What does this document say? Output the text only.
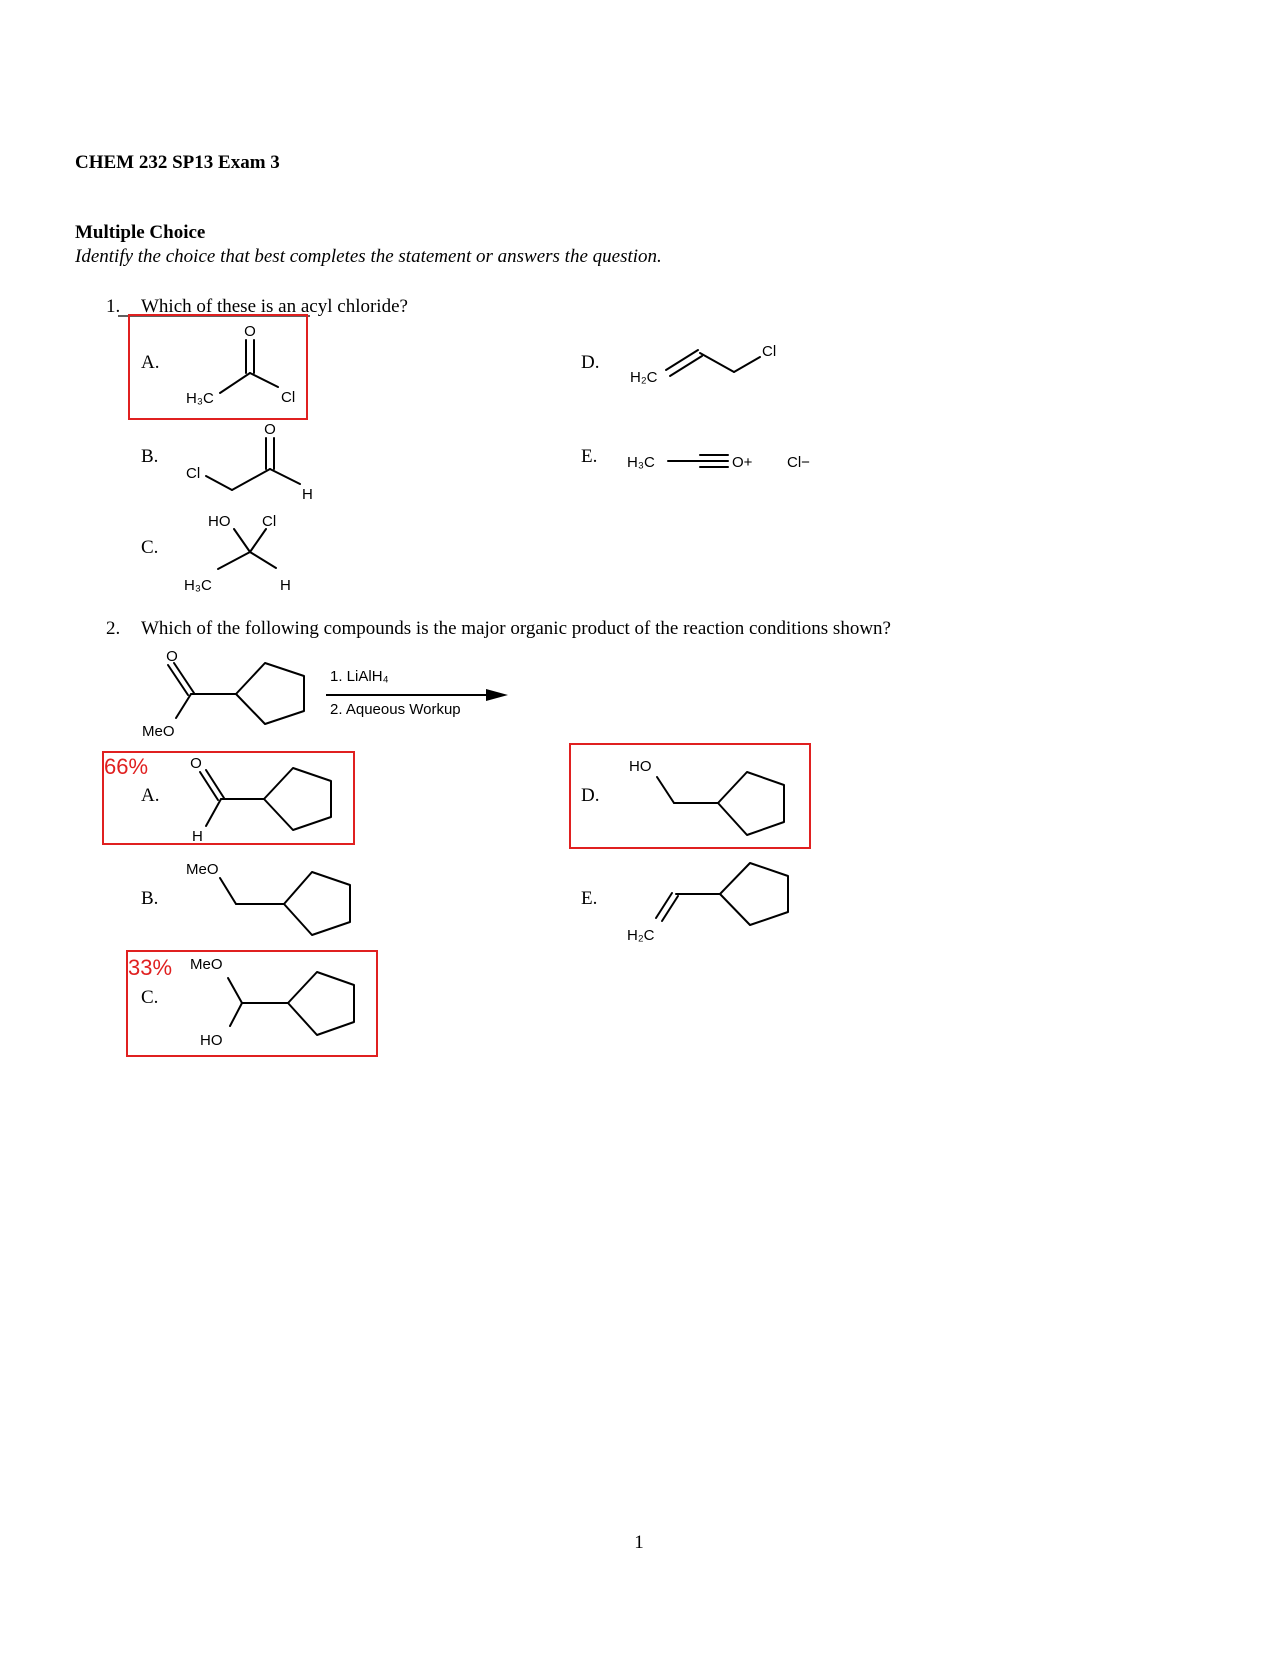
CHEM 232 SP13 Exam 3
Multiple Choice
Identify the choice that best completes the statement or answers the question.
1. Which of these is an acyl chloride?
A.
O
H₃C	Cl
B.
O
Cl
H
C.
HO Cl
H₃C	H
D.
H₂C
Cl
E. H₃C	O+ Cl−
2. Which of the following compounds is the major organic product of the reaction conditions shown?
O
MeO
1. LiAlH₄
2. Aqueous Workup
66%
A.
O
H
B.
MeO
33%
C.
MeO
HO
D.
HO
E.
H₂C
1
